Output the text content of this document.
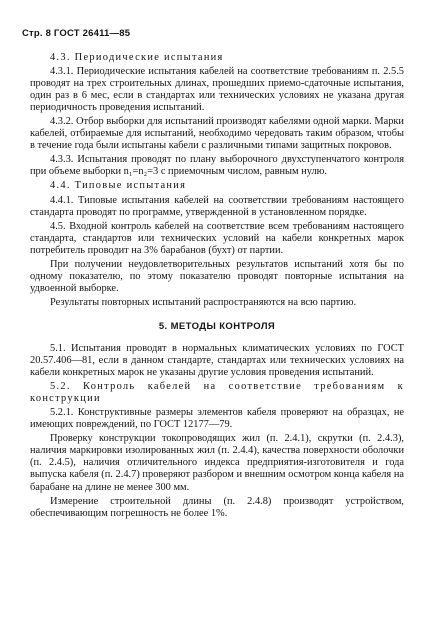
Стр. 8 ГОСТ 26411—85

4.3. Периодические испытания

4.3.1. Периодические испытания кабелей на соответствие требованиям п. 2.5.5 проводят на трех строительных длинах, прошедших приемо-сдаточные испытания, один раз в 6 мес, если в стандартах или технических условиях не указана другая периодичность проведения испытаний.

4.3.2. Отбор выборки для испытаний производят кабелями одной марки. Марки кабелей, отбираемые для испытаний, необходимо чередовать таким образом, чтобы в течение года были испытаны кабели с различными типами защитных покровов.

4.3.3. Испытания проводят по плану выборочного двухступенчатого контроля при объеме выборки n₁=n₂=3 с приемочным числом, равным нулю.

4.4. Типовые испытания

4.4.1. Типовые испытания кабелей на соответствии требованиям настоящего стандарта проводят по программе, утвержденной в установленном порядке.

4.5. Входной контроль кабелей на соответствие всем требованиям настоящего стандарта, стандартов или технических условий на кабели конкретных марок потребитель проводит на 3% барабанов (бухт) от партии.

При получении неудовлетворительных результатов испытаний хотя бы по одному показателю, по этому показателю проводят повторные испытания на удвоенной выборке.

Результаты повторных испытаний распространяются на всю партию.

5. МЕТОДЫ КОНТРОЛЯ

5.1. Испытания проводят в нормальных климатических условиях по ГОСТ 20.57.406—81, если в данном стандарте, стандартах или технических условиях на кабели конкретных марок не указаны другие условия проведения испытаний.

5.2. Контроль кабелей на соответствие требованиям к конструкции

5.2.1. Конструктивные размеры элементов кабеля проверяют на образцах, не имеющих повреждений, по ГОСТ 12177—79.

Проверку конструкции токопроводящих жил (п. 2.4.1), скрутки (п. 2.4.3), наличия маркировки изолированных жил (п. 2.4.4), качества поверхности оболочки (п. 2.4.5), наличия отличительного индекса предприятия-изготовителя и года выпуска кабеля (п. 2.4.7) проверяют разбором и внешним осмотром конца кабеля на барабане на длине не менее 300 мм.

Измерение строительной длины (п. 2.4.8) производят устройством, обеспечивающим погрешность не более 1%.
